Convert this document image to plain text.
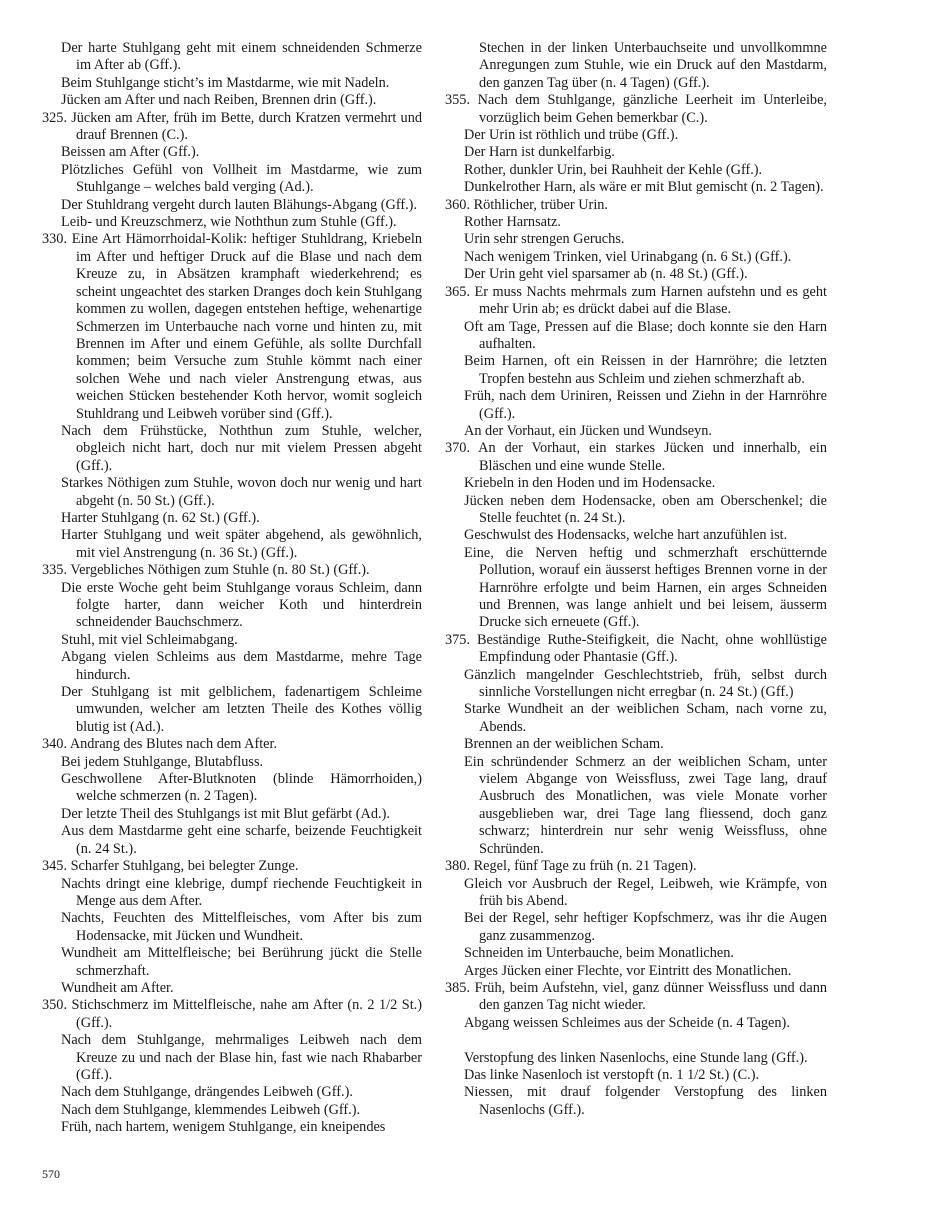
Der harte Stuhlgang geht mit einem schneidenden Schmerze im After ab (Gff.).
Beim Stuhlgange sticht’s im Mastdarme, wie mit Nadeln.
Jücken am After und nach Reiben, Brennen drin (Gff.).
325. Jücken am After, früh im Bette, durch Kratzen vermehrt und drauf Brennen (C.).
Beissen am After (Gff.).
Plötzliches Gefühl von Vollheit im Mastdarme, wie zum Stuhlgange – welches bald verging (Ad.).
Der Stuhldrang vergeht durch lauten Blähungs-Abgang (Gff.).
Leib- und Kreuzschmerz, wie Noththun zum Stuhle (Gff.).
330. Eine Art Hämorrhoidal-Kolik: heftiger Stuhldrang, Kriebeln im After und heftiger Druck auf die Blase und nach dem Kreuze zu, in Absätzen kramphaft wiederkehrend; es scheint ungeachtet des starken Dranges doch kein Stuhlgang kommen zu wollen, dagegen entstehen heftige, wehenartige Schmerzen im Unterbauche nach vorne und hinten zu, mit Brennen im After und einem Gefühle, als sollte Durchfall kommen; beim Versuche zum Stuhle kömmt nach einer solchen Wehe und nach vieler Anstrengung etwas, aus weichen Stücken bestehender Koth hervor, womit sogleich Stuhldrang und Leibweh vorüber sind (Gff.).
Nach dem Frühstücke, Noththun zum Stuhle, welcher, obgleich nicht hart, doch nur mit vielem Pressen abgeht (Gff.).
Starkes Nöthigen zum Stuhle, wovon doch nur wenig und hart abgeht (n. 50 St.) (Gff.).
Harter Stuhlgang (n. 62 St.) (Gff.).
Harter Stuhlgang und weit später abgehend, als gewöhnlich, mit viel Anstrengung (n. 36 St.) (Gff.).
335. Vergebliches Nöthigen zum Stuhle (n. 80 St.) (Gff.).
Die erste Woche geht beim Stuhlgange voraus Schleim, dann folgte harter, dann weicher Koth und hinterdrein schneidender Bauchschmerz.
Stuhl, mit viel Schleimabgang.
Abgang vielen Schleims aus dem Mastdarme, mehre Tage hindurch.
Der Stuhlgang ist mit gelblichem, fadenartigem Schleime umwunden, welcher am letzten Theile des Kothes völlig blutig ist (Ad.).
340. Andrang des Blutes nach dem After.
Bei jedem Stuhlgange, Blutabfluss.
Geschwollene After-Blutknoten (blinde Hämorrhoiden,) welche schmerzen (n. 2 Tagen).
Der letzte Theil des Stuhlgangs ist mit Blut gefärbt (Ad.).
Aus dem Mastdarme geht eine scharfe, beizende Feuchtigkeit (n. 24 St.).
345. Scharfer Stuhlgang, bei belegter Zunge.
Nachts dringt eine klebrige, dumpf riechende Feuchtigkeit in Menge aus dem After.
Nachts, Feuchten des Mittelfleisches, vom After bis zum Hodensacke, mit Jücken und Wundheit.
Wundheit am Mittelfleische; bei Berührung jückt die Stelle schmerzhaft.
Wundheit am After.
350. Stichschmerz im Mittelfleische, nahe am After (n. 2 1/2 St.) (Gff.).
Nach dem Stuhlgange, mehrmaliges Leibweh nach dem Kreuze zu und nach der Blase hin, fast wie nach Rhabarber (Gff.).
Nach dem Stuhlgange, drängendes Leibweh (Gff.).
Nach dem Stuhlgange, klemmendes Leibweh (Gff.).
Früh, nach hartem, wenigem Stuhlgange, ein kneipendes
Stechen in der linken Unterbauchseite und unvollkommne Anregungen zum Stuhle, wie ein Druck auf den Mastdarm, den ganzen Tag über (n. 4 Tagen) (Gff.).
355. Nach dem Stuhlgange, gänzliche Leerheit im Unterleibe, vorzüglich beim Gehen bemerkbar (C.).
Der Urin ist röthlich und trübe (Gff.).
Der Harn ist dunkelfarbig.
Rother, dunkler Urin, bei Rauhheit der Kehle (Gff.).
Dunkelrother Harn, als wäre er mit Blut gemischt (n. 2 Tagen).
360. Röthlicher, trüber Urin.
Rother Harnsatz.
Urin sehr strengen Geruchs.
Nach wenigem Trinken, viel Urinabgang (n. 6 St.) (Gff.).
Der Urin geht viel sparsamer ab (n. 48 St.) (Gff.).
365. Er muss Nachts mehrmals zum Harnen aufstehn und es geht mehr Urin ab; es drückt dabei auf die Blase.
Oft am Tage, Pressen auf die Blase; doch konnte sie den Harn aufhalten.
Beim Harnen, oft ein Reissen in der Harnröhre; die letzten Tropfen bestehn aus Schleim und ziehen schmerzhaft ab.
Früh, nach dem Uriniren, Reissen und Ziehn in der Harnröhre (Gff.).
An der Vorhaut, ein Jücken und Wundseyn.
370. An der Vorhaut, ein starkes Jücken und innerhalb, ein Bläschen und eine wunde Stelle.
Kriebeln in den Hoden und im Hodensacke.
Jücken neben dem Hodensacke, oben am Oberschenkel; die Stelle feuchtet (n. 24 St.).
Geschwulst des Hodensacks, welche hart anzufühlen ist.
Eine, die Nerven heftig und schmerzhaft erschütternde Pollution, worauf ein äusserst heftiges Brennen vorne in der Harnröhre erfolgte und beim Harnen, ein arges Schneiden und Brennen, was lange anhielt und bei leisem, äusserm Drucke sich erneuete (Gff.).
375. Beständige Ruthe-Steifigkeit, die Nacht, ohne wohllüstige Empfindung oder Phantasie (Gff.).
Gänzlich mangelnder Geschlechtstrieb, früh, selbst durch sinnliche Vorstellungen nicht erregbar (n. 24 St.) (Gff.)
Starke Wundheit an der weiblichen Scham, nach vorne zu, Abends.
Brennen an der weiblichen Scham.
Ein schründender Schmerz an der weiblichen Scham, unter vielem Abgange von Weissfluss, zwei Tage lang, drauf Ausbruch des Monatlichen, was viele Monate vorher ausgeblieben war, drei Tage lang fliessend, doch ganz schwarz; hinterdrein nur sehr wenig Weissfluss, ohne Schründen.
380. Regel, fünf Tage zu früh (n. 21 Tagen).
Gleich vor Ausbruch der Regel, Leibweh, wie Krämpfe, von früh bis Abend.
Bei der Regel, sehr heftiger Kopfschmerz, was ihr die Augen ganz zusammenzog.
Schneiden im Unterbauche, beim Monatlichen.
Arges Jücken einer Flechte, vor Eintritt des Monatlichen.
385. Früh, beim Aufstehn, viel, ganz dünner Weissfluss und dann den ganzen Tag nicht wieder.
Abgang weissen Schleimes aus der Scheide (n. 4 Tagen).
Verstopfung des linken Nasenlochs, eine Stunde lang (Gff.).
Das linke Nasenloch ist verstopft (n. 1 1/2 St.) (C.).
Niessen, mit drauf folgender Verstopfung des linken Nasenlochs (Gff.).
570
